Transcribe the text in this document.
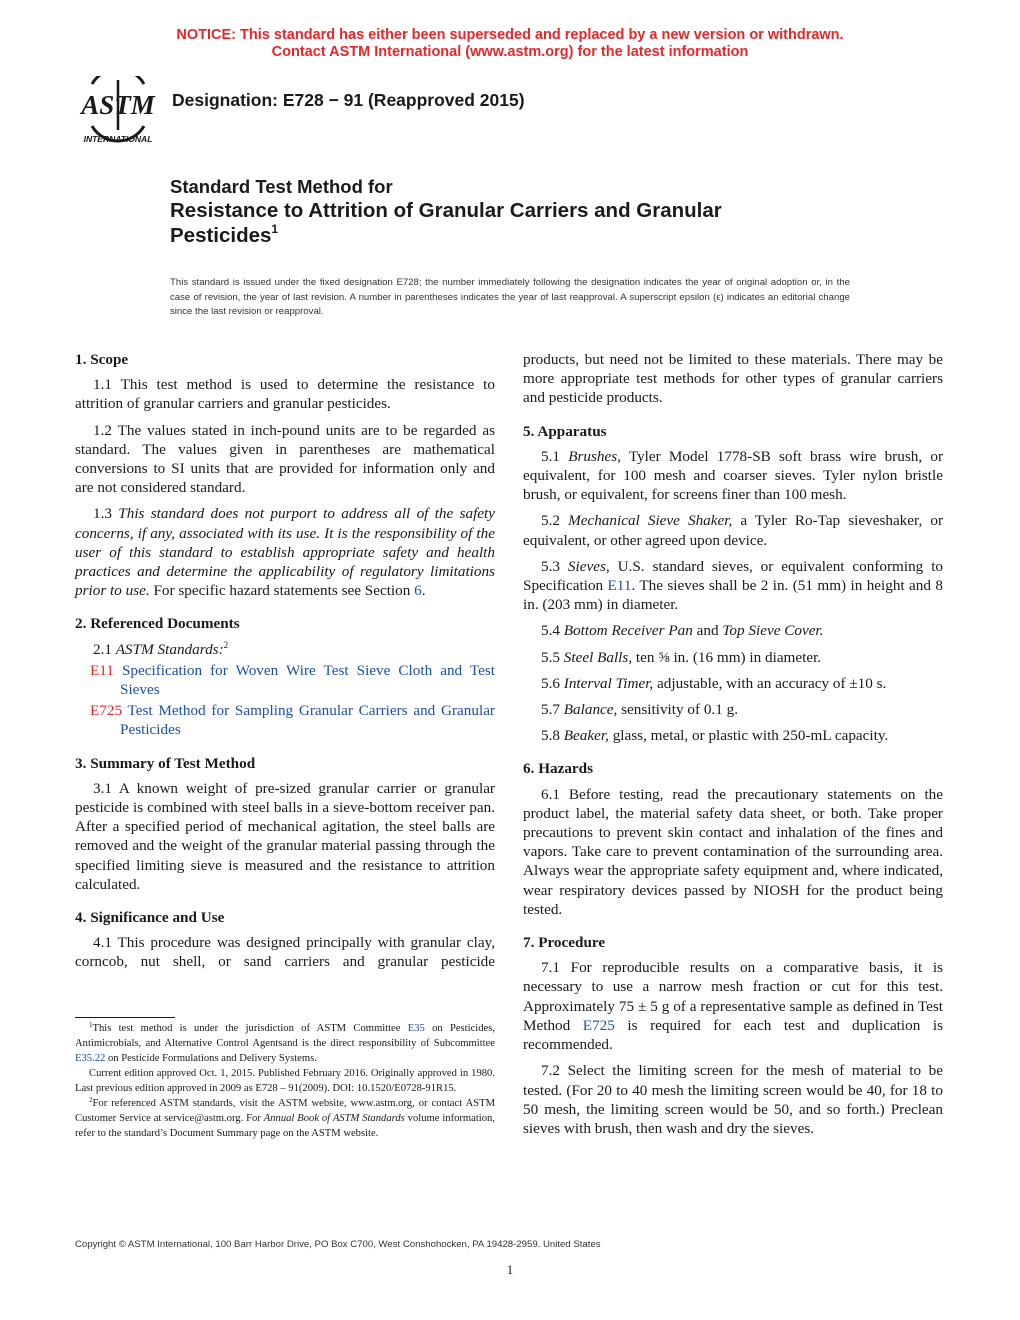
NOTICE: This standard has either been superseded and replaced by a new version or withdrawn.
Contact ASTM International (www.astm.org) for the latest information
ASTM
INTERNATIONAL
Designation: E728 − 91 (Reapproved 2015)
Standard Test Method for
Resistance to Attrition of Granular Carriers and Granular
Pesticides$^1$
This standard is issued under the fixed designation E728; the number immediately following the designation indicates the year of original adoption or, in the case of revision, the year of last revision. A number in parentheses indicates the year of last reapproval. A superscript epsilon (ε) indicates an editorial change since the last revision or reapproval.
1. Scope
1.1 This test method is used to determine the resistance to attrition of granular carriers and granular pesticides.
1.2 The values stated in inch-pound units are to be regarded as standard. The values given in parentheses are mathematical conversions to SI units that are provided for information only and are not considered standard.
1.3 This standard does not purport to address all of the safety concerns, if any, associated with its use. It is the responsibility of the user of this standard to establish appropriate safety and health practices and determine the applicability of regulatory limitations prior to use. For specific hazard statements see Section 6.
2. Referenced Documents
2.1 ASTM Standards:$^2$
E11 Specification for Woven Wire Test Sieve Cloth and Test Sieves
E725 Test Method for Sampling Granular Carriers and Granular Pesticides
3. Summary of Test Method
3.1 A known weight of pre-sized granular carrier or granular pesticide is combined with steel balls in a sieve-bottom receiver pan. After a specified period of mechanical agitation, the steel balls are removed and the weight of the granular material passing through the specified limiting sieve is measured and the resistance to attrition calculated.
4. Significance and Use
4.1 This procedure was designed principally with granular clay, corncob, nut shell, or sand carriers and granular pesticide

$^1$This test method is under the jurisdiction of ASTM Committee E35 on Pesticides, Antimicrobials, and Alternative Control Agentsand is the direct responsibility of Subcommittee E35.22 on Pesticide Formulations and Delivery Systems.

Current edition approved Oct. 1, 2015. Published February 2016. Originally approved in 1980. Last previous edition approved in 2009 as E728 – 91(2009). DOI: 10.1520/E0728-91R15.

$^2$For referenced ASTM standards, visit the ASTM website, www.astm.org, or contact ASTM Customer Service at service@astm.org. For Annual Book of ASTM Standards volume information, refer to the standard’s Document Summary page on the ASTM website.

products, but need not be limited to these materials. There may be more appropriate test methods for other types of granular carriers and pesticide products.
5. Apparatus
5.1 Brushes, Tyler Model 1778-SB soft brass wire brush, or equivalent, for 100 mesh and coarser sieves. Tyler nylon bristle brush, or equivalent, for screens finer than 100 mesh.
5.2 Mechanical Sieve Shaker, a Tyler Ro-Tap sieveshaker, or equivalent, or other agreed upon device.
5.3 Sieves, U.S. standard sieves, or equivalent conforming to Specification E11. The sieves shall be 2 in. (51 mm) in height and 8 in. (203 mm) in diameter.
5.4 Bottom Receiver Pan and Top Sieve Cover.
5.5 Steel Balls, ten ⅝ in. (16 mm) in diameter.
5.6 Interval Timer, adjustable, with an accuracy of ±10 s.
5.7 Balance, sensitivity of 0.1 g.
5.8 Beaker, glass, metal, or plastic with 250-mL capacity.
6. Hazards
6.1 Before testing, read the precautionary statements on the product label, the material safety data sheet, or both. Take proper precautions to prevent skin contact and inhalation of the fines and vapors. Take care to prevent contamination of the surrounding area. Always wear the appropriate safety equipment and, where indicated, wear respiratory devices passed by NIOSH for the product being tested.
7. Procedure
7.1 For reproducible results on a comparative basis, it is necessary to use a narrow mesh fraction or cut for this test. Approximately 75 ± 5 g of a representative sample as defined in Test Method E725 is required for each test and duplication is recommended.
7.2 Select the limiting screen for the mesh of material to be tested. (For 20 to 40 mesh the limiting screen would be 40, for 18 to 50 mesh, the limiting screen would be 50, and so forth.) Preclean sieves with brush, then wash and dry the sieves.
Copyright © ASTM International, 100 Barr Harbor Drive, PO Box C700, West Conshohocken, PA 19428-2959. United States
1
